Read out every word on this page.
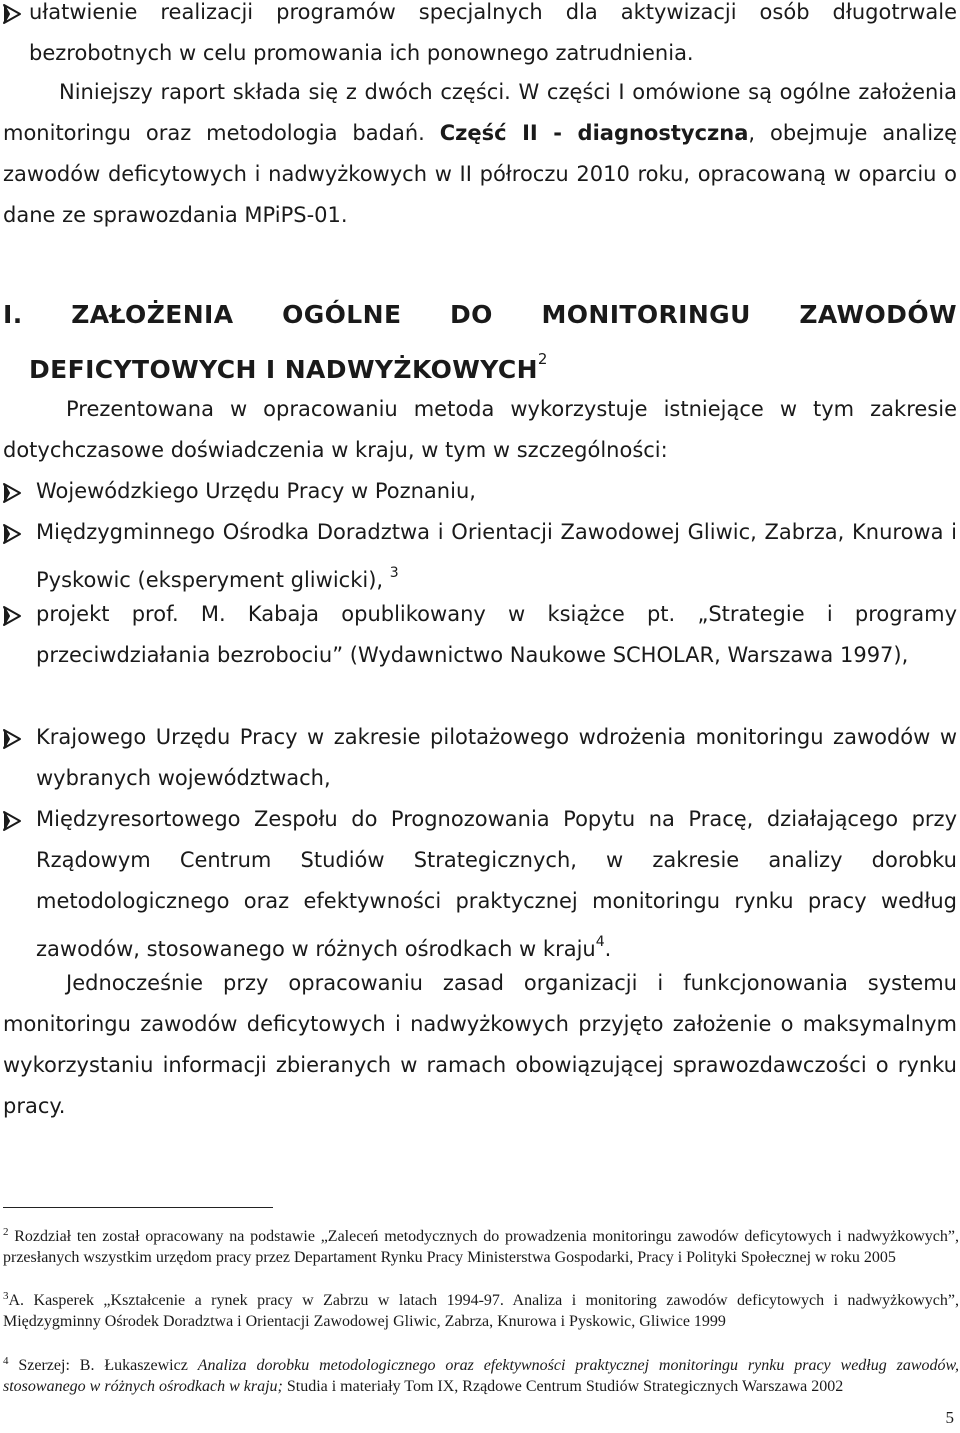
ułatwienie realizacji programów specjalnych dla aktywizacji osób długotrwale bezrobotnych w celu promowania ich ponownego zatrudnienia.

Niniejszy raport składa się z dwóch części. W części I omówione są ogólne założenia monitoringu oraz metodologia badań. Część II - diagnostyczna, obejmuje analizę zawodów deficytowych i nadwyżkowych w II półroczu 2010 roku, opracowaną w oparciu o dane ze sprawozdania MPiPS-01.

I. ZAŁOŻENIA OGÓLNE DO MONITORINGU ZAWODÓW
DEFICYTOWYCH I NADWYŻKOWYCH$^2$

Prezentowana w opracowaniu metoda wykorzystuje istniejące w tym zakresie dotychczasowe doświadczenia w kraju, w tym w szczególności:

Wojewódzkiego Urzędu Pracy w Poznaniu,

Międzygminnego Ośrodka Doradztwa i Orientacji Zawodowej Gliwic, Zabrza, Knurowa i Pyskowic (eksperyment gliwicki), $^3$

projekt prof. M. Kabaja opublikowany w książce pt. „Strategie i programy przeciwdziałania bezrobociu” (Wydawnictwo Naukowe SCHOLAR, Warszawa 1997),

Krajowego Urzędu Pracy w zakresie pilotażowego wdrożenia monitoringu zawodów w wybranych województwach,

Międzyresortowego Zespołu do Prognozowania Popytu na Pracę, działającego przy Rządowym Centrum Studiów Strategicznych, w zakresie analizy dorobku metodologicznego oraz efektywności praktycznej monitoringu rynku pracy według zawodów, stosowanego w różnych ośrodkach w kraju$^4$.

Jednocześnie przy opracowaniu zasad organizacji i funkcjonowania systemu monitoringu zawodów deficytowych i nadwyżkowych przyjęto założenie o maksymalnym wykorzystaniu informacji zbieranych w ramach obowiązującej sprawozdawczości o rynku pracy.

$^2$ Rozdział ten został opracowany na podstawie „Zaleceń metodycznych do prowadzenia monitoringu zawodów deficytowych i nadwyżkowych”, przesłanych wszystkim urzędom pracy przez Departament Rynku Pracy Ministerstwa Gospodarki, Pracy i Polityki Społecznej w roku 2005

$^3$A. Kasperek „Kształcenie a rynek pracy w Zabrzu w latach 1994-97. Analiza i monitoring zawodów deficytowych i nadwyżkowych”, Międzygminny Ośrodek Doradztwa i Orientacji Zawodowej Gliwic, Zabrza, Knurowa i Pyskowic, Gliwice 1999

$^4$ Szerzej: B. Łukaszewicz Analiza dorobku metodologicznego oraz efektywności praktycznej monitoringu rynku pracy według zawodów, stosowanego w różnych ośrodkach w kraju; Studia i materiały Tom IX, Rządowe Centrum Studiów Strategicznych Warszawa 2002

5
